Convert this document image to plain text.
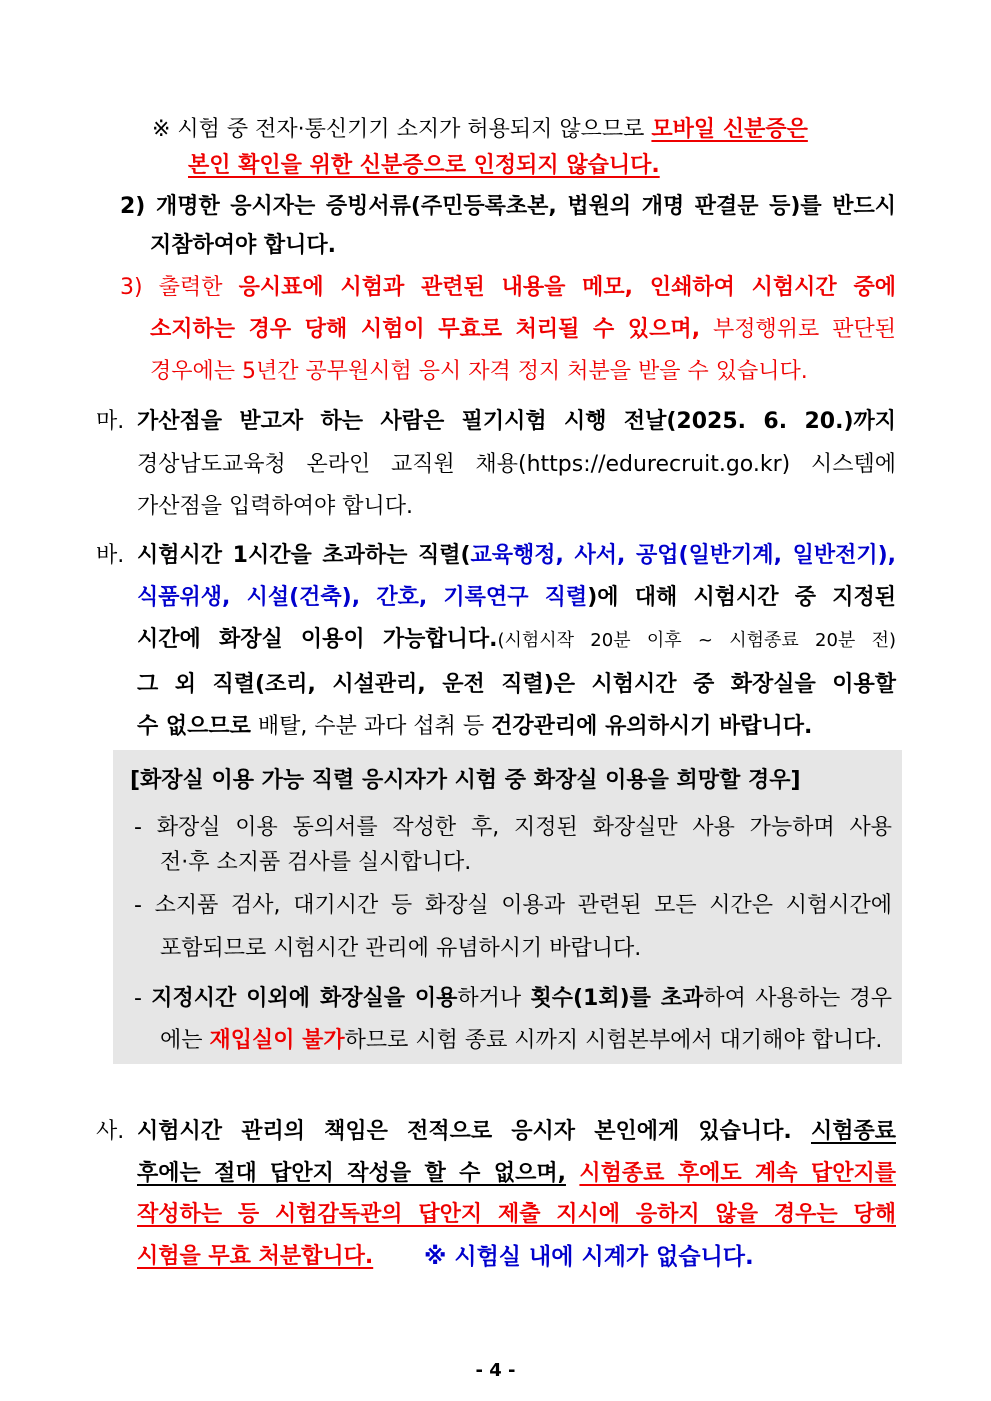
※ 시험 중 전자·통신기기 소지가 허용되지 않으므로 모바일 신분증은
본인 확인을 위한 신분증으로 인정되지 않습니다.
2) 개명한 응시자는 증빙서류(주민등록초본, 법원의 개명 판결문 등)를 반드시
지참하여야 합니다.
3) 출력한 응시표에 시험과 관련된 내용을 메모, 인쇄하여 시험시간 중에
소지하는 경우 당해 시험이 무효로 처리될 수 있으며, 부정행위로 판단된
경우에는 5년간 공무원시험 응시 자격 정지 처분을 받을 수 있습니다.
마. 가산점을 받고자 하는 사람은 필기시험 시행 전날(2025. 6. 20.)까지
경상남도교육청 온라인 교직원 채용(https://edurecruit.go.kr) 시스템에
가산점을 입력하여야 합니다.
바. 시험시간 1시간을 초과하는 직렬(교육행정, 사서, 공업(일반기계, 일반전기),
식품위생, 시설(건축), 간호, 기록연구 직렬)에 대해 시험시간 중 지정된
시간에 화장실 이용이 가능합니다.(시험시작 20분 이후 ~ 시험종료 20분 전)
그 외 직렬(조리, 시설관리, 운전 직렬)은 시험시간 중 화장실을 이용할
수 없으므로 배탈, 수분 과다 섭취 등 건강관리에 유의하시기 바랍니다.
[화장실 이용 가능 직렬 응시자가 시험 중 화장실 이용을 희망할 경우]
- 화장실 이용 동의서를 작성한 후, 지정된 화장실만 사용 가능하며 사용
전·후 소지품 검사를 실시합니다.
- 소지품 검사, 대기시간 등 화장실 이용과 관련된 모든 시간은 시험시간에
포함되므로 시험시간 관리에 유념하시기 바랍니다.
- 지정시간 이외에 화장실을 이용하거나 횟수(1회)를 초과하여 사용하는 경우
에는 재입실이 불가하므로 시험 종료 시까지 시험본부에서 대기해야 합니다.
사. 시험시간 관리의 책임은 전적으로 응시자 본인에게 있습니다. 시험종료
후에는 절대 답안지 작성을 할 수 없으며, 시험종료 후에도 계속 답안지를
작성하는 등 시험감독관의 답안지 제출 지시에 응하지 않을 경우는 당해
시험을 무효 처분합니다. ※ 시험실 내에 시계가 없습니다.
- 4 -
